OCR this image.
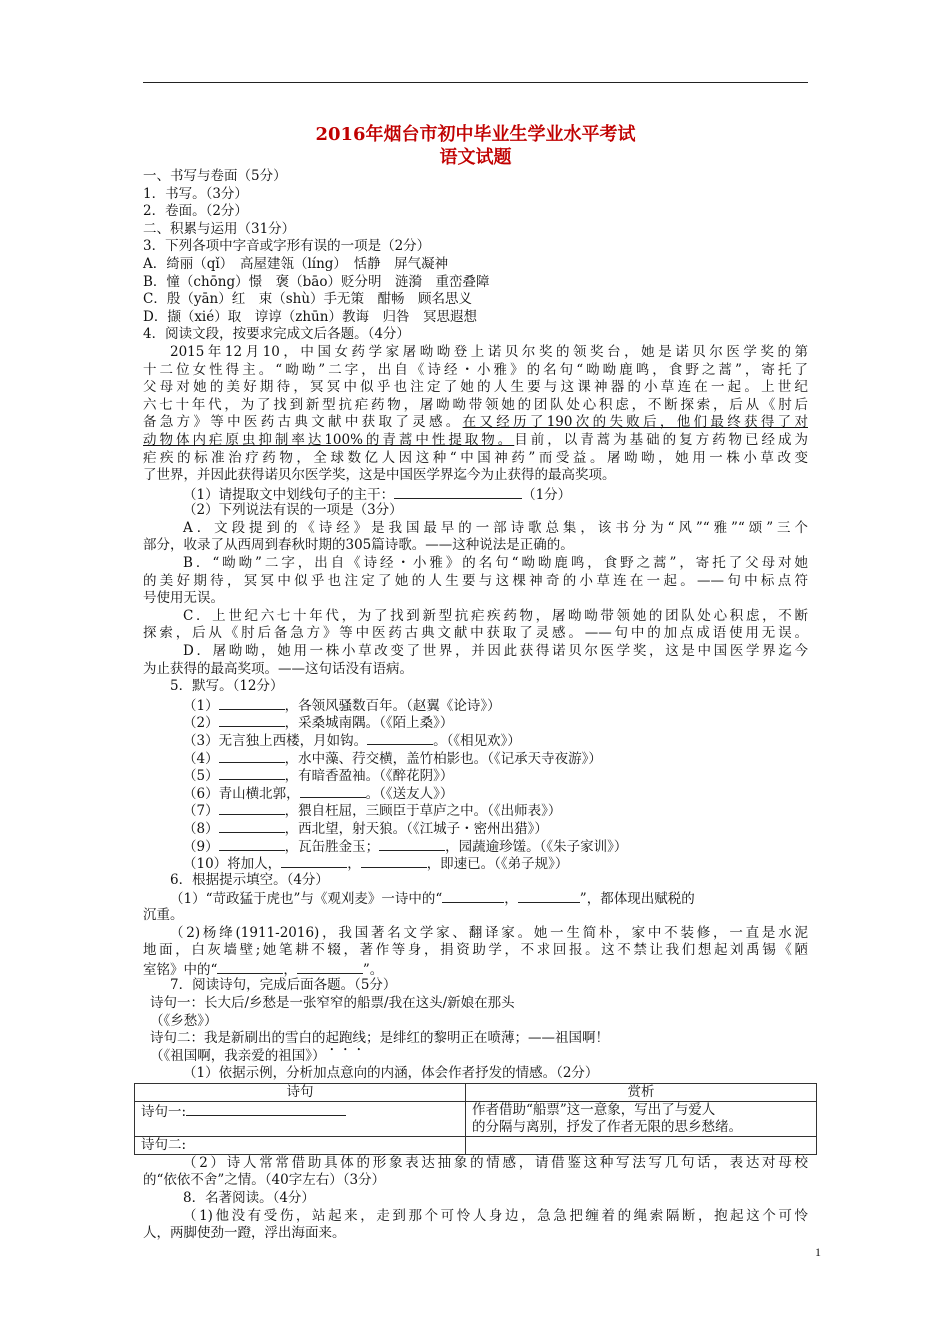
2016年烟台市初中毕业生学业水平考试
语文试题
一、书写与卷面（5分）
1．书写。（3分）
2．卷面。（2分）
二、积累与运用（31分）
3．下列各项中字音或字形有误的一项是（2分）
A．绮丽（qǐ）　高屋建瓴（líng）　恬静　屏气凝神
B．憧（chōng）憬　褒（bāo）贬分明　涟漪　重峦叠障
C．殷（yān）红　束（shù）手无策　酣畅　顾名思义
D．撷（xié）取　谆谆（zhūn）教诲　归咎　冥思遐想
4．阅读文段，按要求完成文后各题。（4分）
2015年12月10，中国女药学家屠呦呦登上诺贝尔奖的领奖台，她是诺贝尔医学奖的第
十二位女性得主。“呦呦”二字，出自《诗经・小雅》的名句“呦呦鹿鸣，食野之蒿”，寄托了
父母对她的美好期待，冥冥中似乎也注定了她的人生要与这课神器的小草连在一起。上世纪
六七十年代，为了找到新型抗疟药物，屠呦呦带领她的团队处心积虑，不断探索，后从《肘后
备急方》等中医药古典文献中获取了灵感。在又经历了190次的失败后，他们最终获得了对
动物体内疟原虫抑制率达100%的青蒿中性提取物。目前，以青蒿为基础的复方药物已经成为
疟疾的标准治疗药物，全球数亿人因这种“中国神药”而受益。屠呦呦，她用一株小草改变
了世界，并因此获得诺贝尔医学奖，这是中国医学界迄今为止获得的最高奖项。
（1）请提取文中划线句子的主干：	（1分）
（2）下列说法有误的一项是（3分）
A．文段提到的《诗经》是我国最早的一部诗歌总集，该书分为“风”“雅”“颂”三个
部分，收录了从西周到春秋时期的305篇诗歌。——这种说法是正确的。
B．“呦呦”二字，出自《诗经・小雅》的名句“呦呦鹿鸣，食野之蒿”，寄托了父母对她
的美好期待，冥冥中似乎也注定了她的人生要与这棵神奇的小草连在一起。——句中标点符
号使用无误。
C．上世纪六七十年代，为了找到新型抗疟疾药物，屠呦呦带领她的团队处心积虑，不断
探索，后从《肘后备急方》等中医药古典文献中获取了灵感。——句中的加点成语使用无误。
D．屠呦呦，她用一株小草改变了世界，并因此获得诺贝尔医学奖，这是中国医学界迄今
为止获得的最高奖项。——这句话没有语病。
5．默写。（12分）
（1）	，各领风骚数百年。（赵翼《论诗》）
（2）	，采桑城南隅。（《陌上桑》）
（3）无言独上西楼，月如钩。	。（《相见欢》）
（4）	，水中藻、荇交横，盖竹柏影也。（《记承天寺夜游》）
（5）	，有暗香盈袖。（《醉花阴》）
（6）青山横北郭，	。（《送友人》）
（7）	，猥自枉屈，三顾臣于草庐之中。（《出师表》）
（8）	，西北望，射天狼。（《江城子・密州出猎》）
（9）	，瓦缶胜金玉；	，园蔬逾珍馐。（《朱子家训》）
（10）将加人，	，	，即速已。（《弟子规》）
6．根据提示填空。（4分）
（1）“苛政猛于虎也”与《观刈麦》一诗中的“	，	”，都体现出赋税的
沉重。
（2)杨绛(1911-2016)，我国著名文学家、翻译家。她一生简朴，家中不装修，一直是水泥
地面，白灰墙壁;她笔耕不辍，著作等身，捐资助学，不求回报。这不禁让我们想起刘禹锡《陋
室铭》中的“	，	”。
7．阅读诗句，完成后面各题。（5分）
诗句一：长大后/乡愁是一张窄窄的船票/我在这头/新娘在那头
（《乡愁》）
诗句二：我是新刷出的雪白的起跑线；是绯红的黎明正在喷薄；——祖国啊！
（《祖国啊，我亲爱的祖国》）
（1）依据示例，分析加点意向的内涵，体会作者抒发的情感。（2分）
诗句	赏析
诗句一:	作者借助“船票”这一意象，写出了与爱人
的分隔与离别，抒发了作者无限的思乡愁绪。

诗句二:	
（2）诗人常常借助具体的形象表达抽象的情感，请借鉴这种写法写几句话，表达对母校
的“依依不舍”之情。（40字左右）（3分）
8．名著阅读。（4分）
（1)他没有受伤，站起来，走到那个可怜人身边，急急把缠着的绳索隔断，抱起这个可怜
人，两脚使劲一蹬，浮出海面来。
1
